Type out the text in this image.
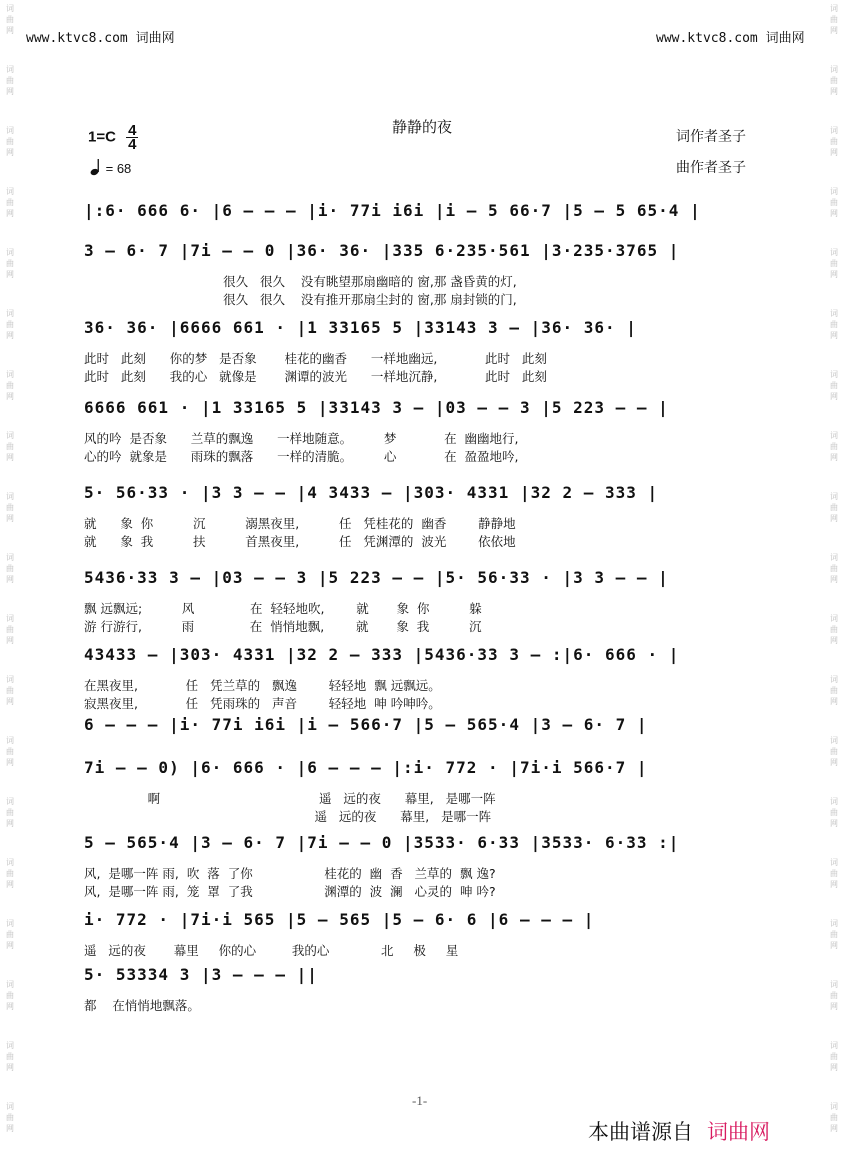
词
曲
网
词
曲
网
词
曲
网
词
曲
网
词
曲
网
词
曲
网
词
曲
网
词
曲
网
词
曲
网
词
曲
网
词
曲
网
词
曲
网
词
曲
网
词
曲
网
词
曲
网
词
曲
网
词
曲
网
词
曲
网
词
曲
网
词
曲
网
词
曲
网
词
曲
网
词
曲
网
词
曲
网
词
曲
网
词
曲
网
词
曲
网
词
曲
网
词
曲
网
词
曲
网
词
曲
网
词
曲
网
词
曲
网
词
曲
网
词
曲
网
词
曲
网
词
曲
网
词
曲
网
www.ktvc8.com 词曲网	www.ktvc8.com 词曲网
静静的夜
$1=C \frac{4}{4}$
= 68
词作者圣子
曲作者圣子
|:6· 666 6· |6 – – – |i· 77i i6i |i – 5 66·7 |5 – 5 65·4 |
3 – 6· 7 |7i – – 0 |36· 36· |335 6·235·561 |3·235·3765 |
很久   很久    没有眺望那扇幽暗的 窗,那 盏昏黄的灯,
很久   很久    没有推开那扇尘封的 窗,那 扇封锁的门,
36· 36· |6666 661 · |1 33165 5 |33143 3 – |36· 36· |
此时   此刻      你的梦   是否象       桂花的幽香      一样地幽远,            此时   此刻
此时   此刻      我的心   就像是       渊谭的波光      一样地沉静,            此时   此刻
6666 661 · |1 33165 5 |33143 3 – |03 – – 3 |5 223 – – |
风的吟  是否象      兰草的飘逸      一样地随意。        梦            在  幽幽地行,
心的吟  就象是      雨珠的飘落      一样的清脆。        心            在  盈盈地吟,
5· 56·33 · |3 3 – – |4 3433 – |303· 4331 |32 2 – 333 |
就      象  你          沉          溺黑夜里,          任   凭桂花的  幽香        静静地
就      象  我          扶          首黑夜里,          任   凭渊潭的  波光        依依地
5436·33 3 – |03 – – 3 |5 223 – – |5· 56·33 · |3 3 – – |
飘 远飘远;          风              在  轻轻地吹,        就       象  你          躲
游 行游行,          雨              在  悄悄地飘,        就       象  我          沉
43433 – |303· 4331 |32 2 – 333 |5436·33 3 – :|6· 666 · |
在黑夜里,            任   凭兰草的   飘逸        轻轻地  飘 远飘远。
寂黑夜里,            任   凭雨珠的   声音        轻轻地  呻 吟呻吟。
6 – – – |i· 77i i6i |i – 566·7 |5 – 565·4 |3 – 6· 7 |
7i – – 0) |6· 666 · |6 – – – |:i· 772 · |7i·i 566·7 |
啊                                        遥   远的夜      幕里,   是哪一阵
遥   远的夜      幕里,   是哪一阵
5 – 565·4 |3 – 6· 7 |7i – – 0 |3533· 6·33 |3533· 6·33 :|
风,  是哪一阵 雨,  吹  落  了你                  桂花的  幽  香   兰草的  飘 逸?
风,  是哪一阵 雨,  笼  罩  了我                  渊潭的  波  澜   心灵的  呻 吟?
i· 772 · |7i·i 565 |5 – 565 |5 – 6· 6 |6 – – – |
遥   远的夜       幕里     你的心         我的心             北     极     星
5· 53334 3 |3 – – – ||
都    在悄悄地飘落。
-1-
本曲谱源自 词曲网
